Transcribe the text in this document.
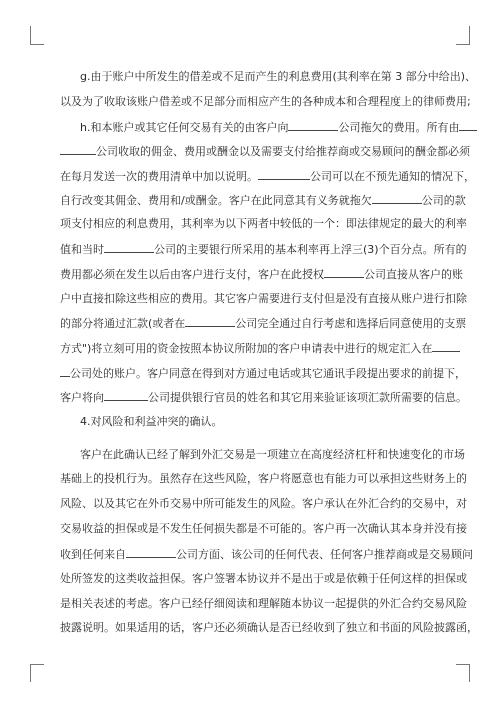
g.由于账户中所发生的借差或不足而产生的利息费用(其利率在第 3 部分中给出)、
以及为了收取该账户借差或不足部分而相应产生的各种成本和合理程度上的律师费用;
h.和本账户或其它任何交易有关的由客户向	公司拖欠的费用。所有由
公司收取的佣金、费用或酬金以及需要支付给推荐商或交易顾问的酬金都必须
在每月发送一次的费用清单中加以说明。	公司可以在不预先通知的情况下，
自行改变其佣金、费用和/或酬金。客户在此同意其有义务就拖欠	公司的款
项支付相应的利息费用，其利率为以下两者中较低的一个：即法律规定的最大的利率
值和当时	公司的主要银行所采用的基本利率再上浮三(3)个百分点。所有的
费用都必须在发生以后由客户进行支付，客户在此授权	公司直接从客户的账
户中直接扣除这些相应的费用。其它客户需要进行支付但是没有直接从账户进行扣除
的部分将通过汇款(或者在	公司完全通过自行考虑和选择后同意使用的支票
方式")将立刻可用的资金按照本协议所附加的客户申请表中进行的规定汇入在
公司处的账户。客户同意在得到对方通过电话或其它通讯手段提出要求的前提下，
客户将向	公司提供银行官员的姓名和其它用来验证该项汇款所需要的信息。
4.对风险和利益冲突的确认。
客户在此确认已经了解到外汇交易是一项建立在高度经济杠杆和快速变化的市场
基础上的投机行为。虽然存在这些风险，客户将愿意也有能力可以承担这些财务上的
风险、以及其它在外币交易中所可能发生的风险。客户承认在外汇合约的交易中，对
交易收益的担保或是不发生任何损失都是不可能的。客户再一次确认其本身并没有接
收到任何来自	公司方面、该公司的任何代表、任何客户推荐商或是交易顾问
处所签发的这类收益担保。客户签署本协议并不是出于或是依赖于任何这样的担保或
是相关表述的考虑。客户已经仔细阅读和理解随本协议一起提供的外汇合约交易风险
披露说明。如果适用的话，客户还必须确认是否已经收到了独立和书面的风险披露函，
